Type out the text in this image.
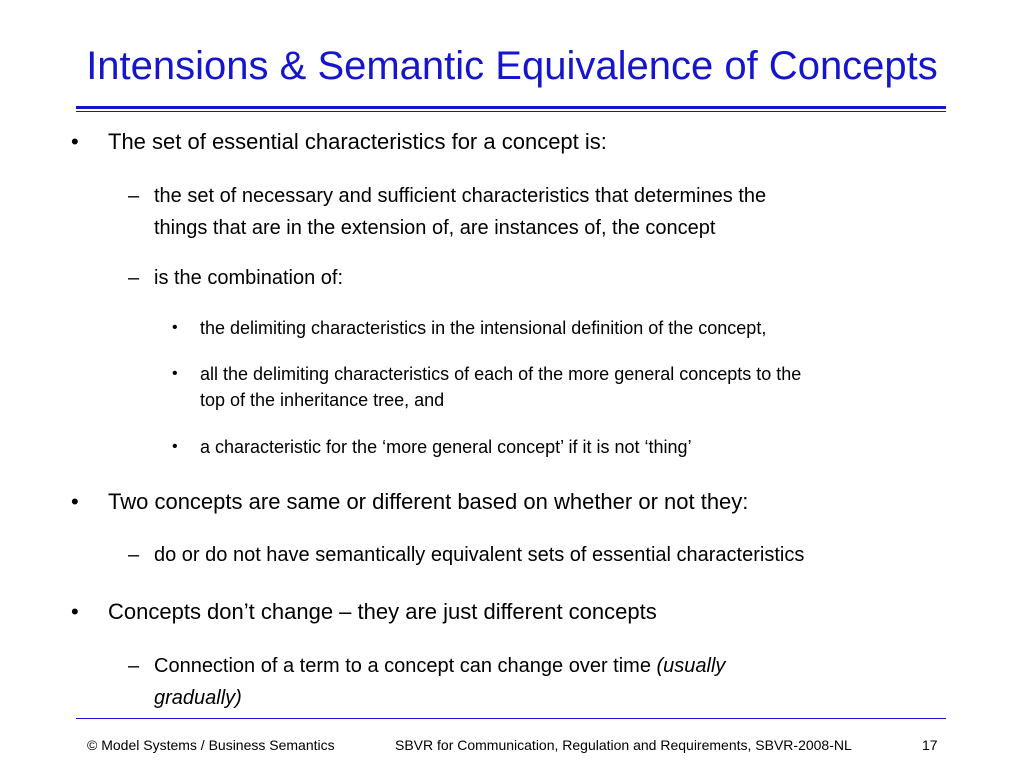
Intensions & Semantic Equivalence of Concepts
• The set of essential characteristics for a concept is:
– the set of necessary and sufficient characteristics that determines the
things that are in the extension of, are instances of, the concept
– is the combination of:
• the delimiting characteristics in the intensional definition of the concept,
• all the delimiting characteristics of each of the more general concepts to the
top of the inheritance tree, and
• a characteristic for the ‘more general concept’ if it is not ‘thing’
• Two concepts are same or different based on whether or not they:
– do or do not have semantically equivalent sets of essential characteristics
• Concepts don’t change – they are just different concepts
– Connection of a term to a concept can change over time (usually
gradually)
© Model Systems / Business Semantics	SBVR for Communication, Regulation and Requirements, SBVR-2008-NL	17
